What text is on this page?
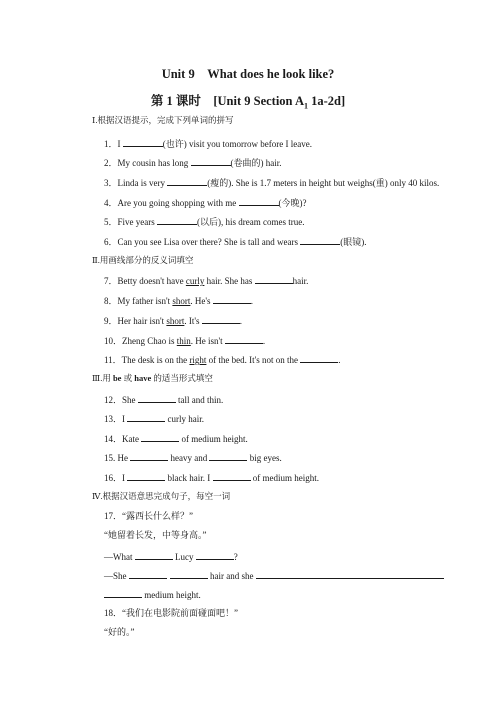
Unit 9　What does he look like?
第 1 课时　[Unit 9 Section $A_1$ 1a-2d]
Ⅰ.根据汉语提示，完成下列单词的拼写
1．I	(也许) visit you tomorrow before I leave.
2．My cousin has long	(卷曲的) hair.
3．Linda is very	(瘦的). She is 1.7 meters in height but weighs(重) only 40 kilos.
4．Are you going shopping with me	(今晚)?
5．Five years	(以后), his dream comes true.
6．Can you see Lisa over there? She is tall and wears	(眼镜).
Ⅱ.用画线部分的反义词填空
7．Betty doesn't have curly hair. She has	hair.
8．My father isn't short. He's	.
9．Her hair isn't short. It's	.
10．Zheng Chao is thin. He isn't	.
11．The desk is on the right of the bed. It's not on the	.
Ⅲ.用 be 或 have 的适当形式填空
12．She	tall and thin.
13．I	curly hair.
14．Kate	of medium height.
15. He	heavy and	big eyes.
16．I	black hair. I	of medium height.
Ⅳ.根据汉语意思完成句子，每空一词
17．“露西长什么样？”
“她留着长发，中等身高。”
—What	Lucy	?
—She	hair and she
medium height.
18．“我们在电影院前面碰面吧！”
“好的。”
